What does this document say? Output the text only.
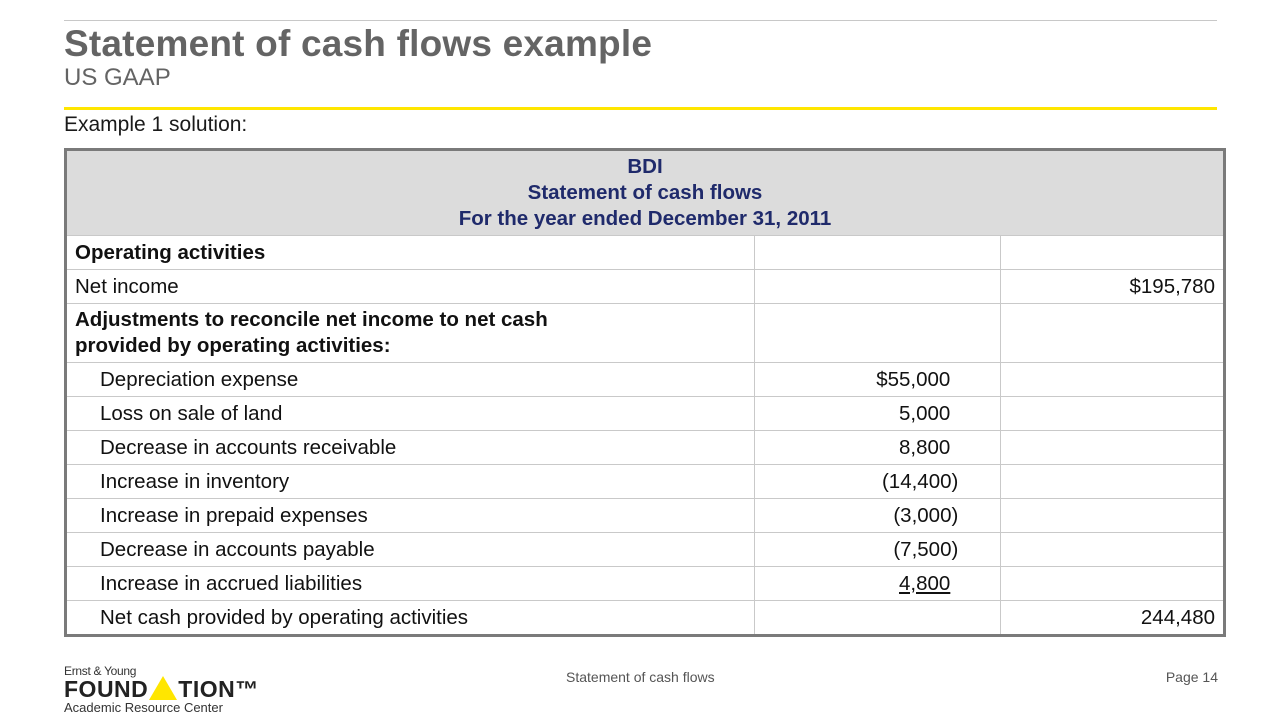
Statement of cash flows example
US GAAP
Example 1 solution:
BDI
Statement of cash flows
For the year ended December 31, 2011		

Operating activities		
Net income		$195,780

Adjustments to reconcile net income to net cash
provided by operating activities:		

Depreciation expense	$55,000	
Loss on sale of land	5,000	
Decrease in accounts receivable	8,800	
Increase in inventory	(14,400)	
Increase in prepaid expenses	(3,000)	
Decrease in accounts payable	(7,500)	
Increase in accrued liabilities	4,800	
Net cash provided by operating activities		244,480
Ernst & Young
FOUND TION™
Academic Resource Center
Statement of cash flows	Page 14
